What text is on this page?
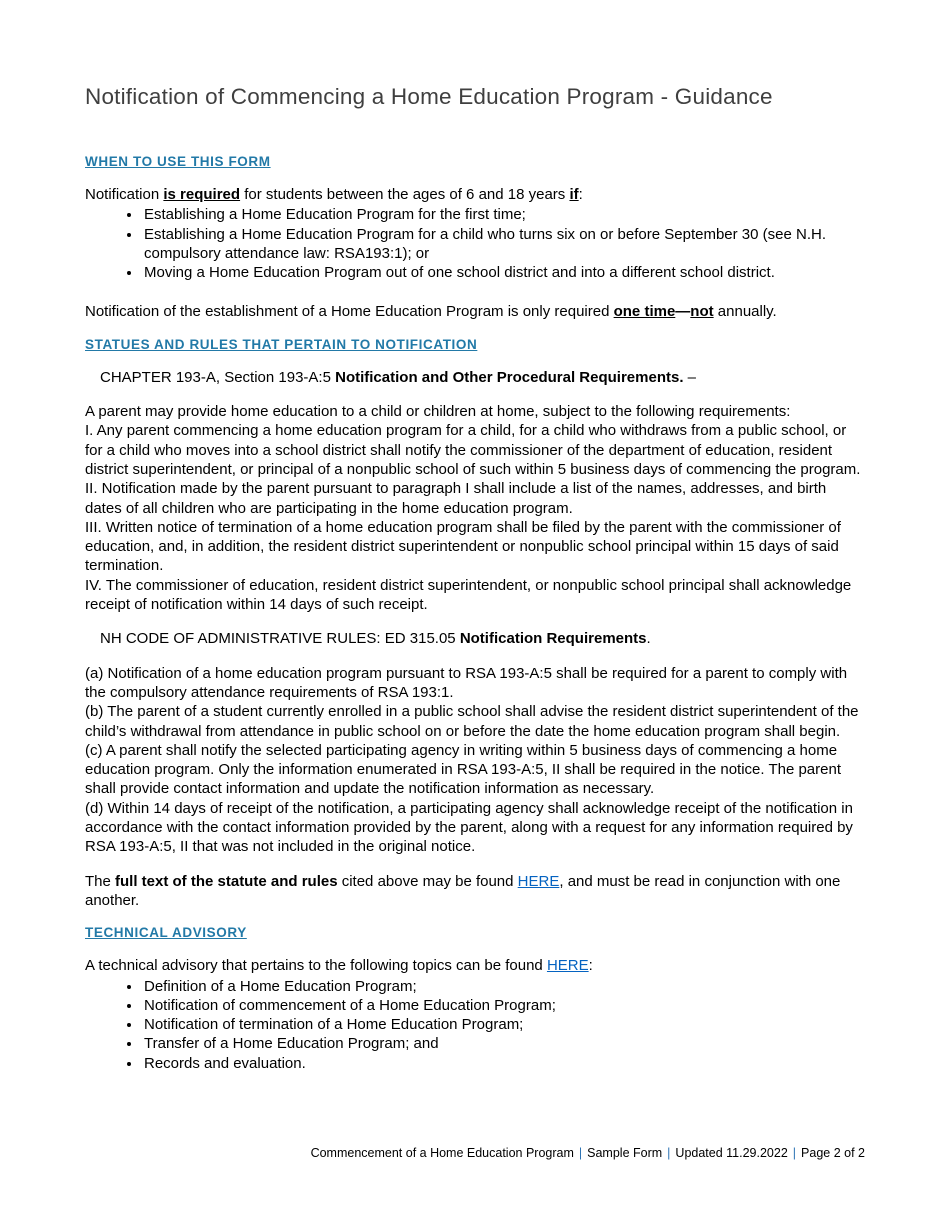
Notification of Commencing a Home Education Program - Guidance
WHEN TO USE THIS FORM
Notification is required for students between the ages of 6 and 18 years if:
• Establishing a Home Education Program for the first time;
• Establishing a Home Education Program for a child who turns six on or before September 30 (see N.H. compulsory attendance law: RSA193:1); or
• Moving a Home Education Program out of one school district and into a different school district.
Notification of the establishment of a Home Education Program is only required one time—not annually.
STATUES AND RULES THAT PERTAIN TO NOTIFICATION
CHAPTER 193-A, Section 193-A:5 Notification and Other Procedural Requirements. –
A parent may provide home education to a child or children at home, subject to the following requirements:
I. Any parent commencing a home education program for a child, for a child who withdraws from a public school, or for a child who moves into a school district shall notify the commissioner of the department of education, resident district superintendent, or principal of a nonpublic school of such within 5 business days of commencing the program.
II. Notification made by the parent pursuant to paragraph I shall include a list of the names, addresses, and birth dates of all children who are participating in the home education program.
III. Written notice of termination of a home education program shall be filed by the parent with the commissioner of education, and, in addition, the resident district superintendent or nonpublic school principal within 15 days of said termination.
IV. The commissioner of education, resident district superintendent, or nonpublic school principal shall acknowledge receipt of notification within 14 days of such receipt.
NH CODE OF ADMINISTRATIVE RULES: ED 315.05 Notification Requirements.
(a) Notification of a home education program pursuant to RSA 193-A:5 shall be required for a parent to comply with the compulsory attendance requirements of RSA 193:1.
(b) The parent of a student currently enrolled in a public school shall advise the resident district superintendent of the child’s withdrawal from attendance in public school on or before the date the home education program shall begin.
(c) A parent shall notify the selected participating agency in writing within 5 business days of commencing a home education program. Only the information enumerated in RSA 193-A:5, II shall be required in the notice. The parent shall provide contact information and update the notification information as necessary.
(d) Within 14 days of receipt of the notification, a participating agency shall acknowledge receipt of the notification in accordance with the contact information provided by the parent, along with a request for any information required by RSA 193-A:5, II that was not included in the original notice.
The full text of the statute and rules cited above may be found HERE, and must be read in conjunction with one another.
TECHNICAL ADVISORY
A technical advisory that pertains to the following topics can be found HERE:
• Definition of a Home Education Program;
• Notification of commencement of a Home Education Program;
• Notification of termination of a Home Education Program;
• Transfer of a Home Education Program; and
• Records and evaluation.
Commencement of a Home Education Program | Sample Form | Updated 11.29.2022 | Page 2 of 2
